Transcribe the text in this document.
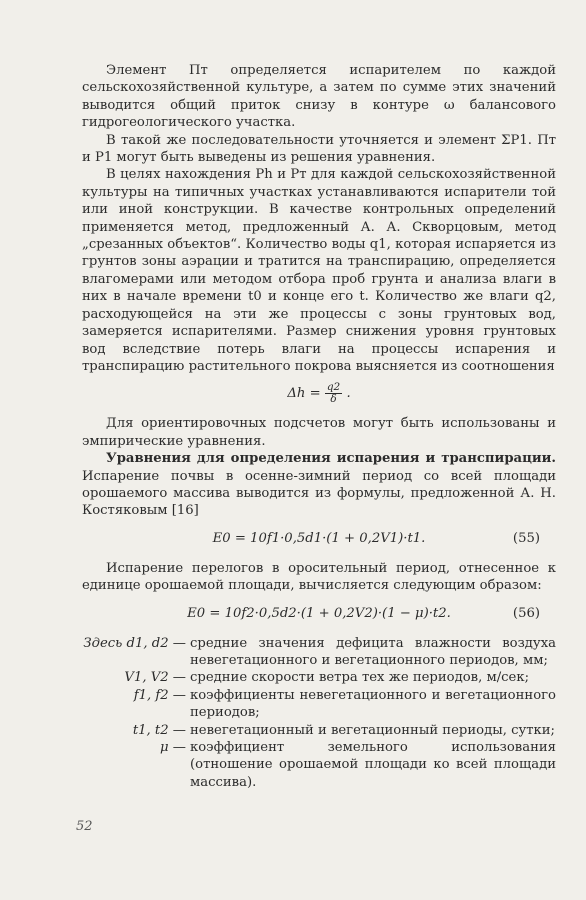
Элемент Пт определяется испарителем по каждой сельскохозяйственной культуре, а затем по сумме этих значений выводится общий приток снизу в контуре ω балансового гидрогеологического участка.

В такой же последовательности уточняется и элемент ΣP1. Пт и P1 могут быть выведены из решения уравнения.

В целях нахождения Ph и Pт для каждой сельскохозяйственной культуры на типичных участках устанавливаются испарители той или иной конструкции. В качестве контрольных определений применяется метод, предложенный А. А. Скворцовым, метод „срезанных объектов“. Количество воды q1, которая испаряется из грунтов зоны аэрации и тратится на транспирацию, определяется влагомерами или методом отбора проб грунта и анализа влаги в них в начале времени t0 и конце его t. Количество же влаги q2, расходующейся на эти же процессы с зоны грунтовых вод, замеряется испарителями. Размер снижения уровня грунтовых вод вследствие потерь влаги на процессы испарения и транспирацию растительного покрова выясняется из соотношения

$\Delta h = \frac{q2}{\delta}$ .

Для ориентировочных подсчетов могут быть использованы и эмпирические уравнения.

Уравнения для определения испарения и транспирации. Испарение почвы в осенне-зимний период со всей площади орошаемого массива выводится из формулы, предложенной А. Н. Костяковым [16]

E0 = 10f1·0,5d1·(1 + 0,2V1)·t1.	(55)

Испарение перелогов в оросительный период, отнесенное к единице орошаемой площади, вычисляется следующим образом:

E0 = 10f2·0,5d2·(1 + 0,2V2)·(1 − μ)·t2.	(56)
Здесь d1, d2 — средние значения дефицита влажности воздуха невегетационного и вегетационного периодов, мм;
V1, V2 — средние скорости ветра тех же периодов, м/сек;
f1, f2 — коэффициенты невегетационного и вегетационного периодов;
t1, t2 — невегетационный и вегетационный периоды, сутки;
μ — коэффициент земельного использования (отношение орошаемой площади ко всей площади массива).
52
